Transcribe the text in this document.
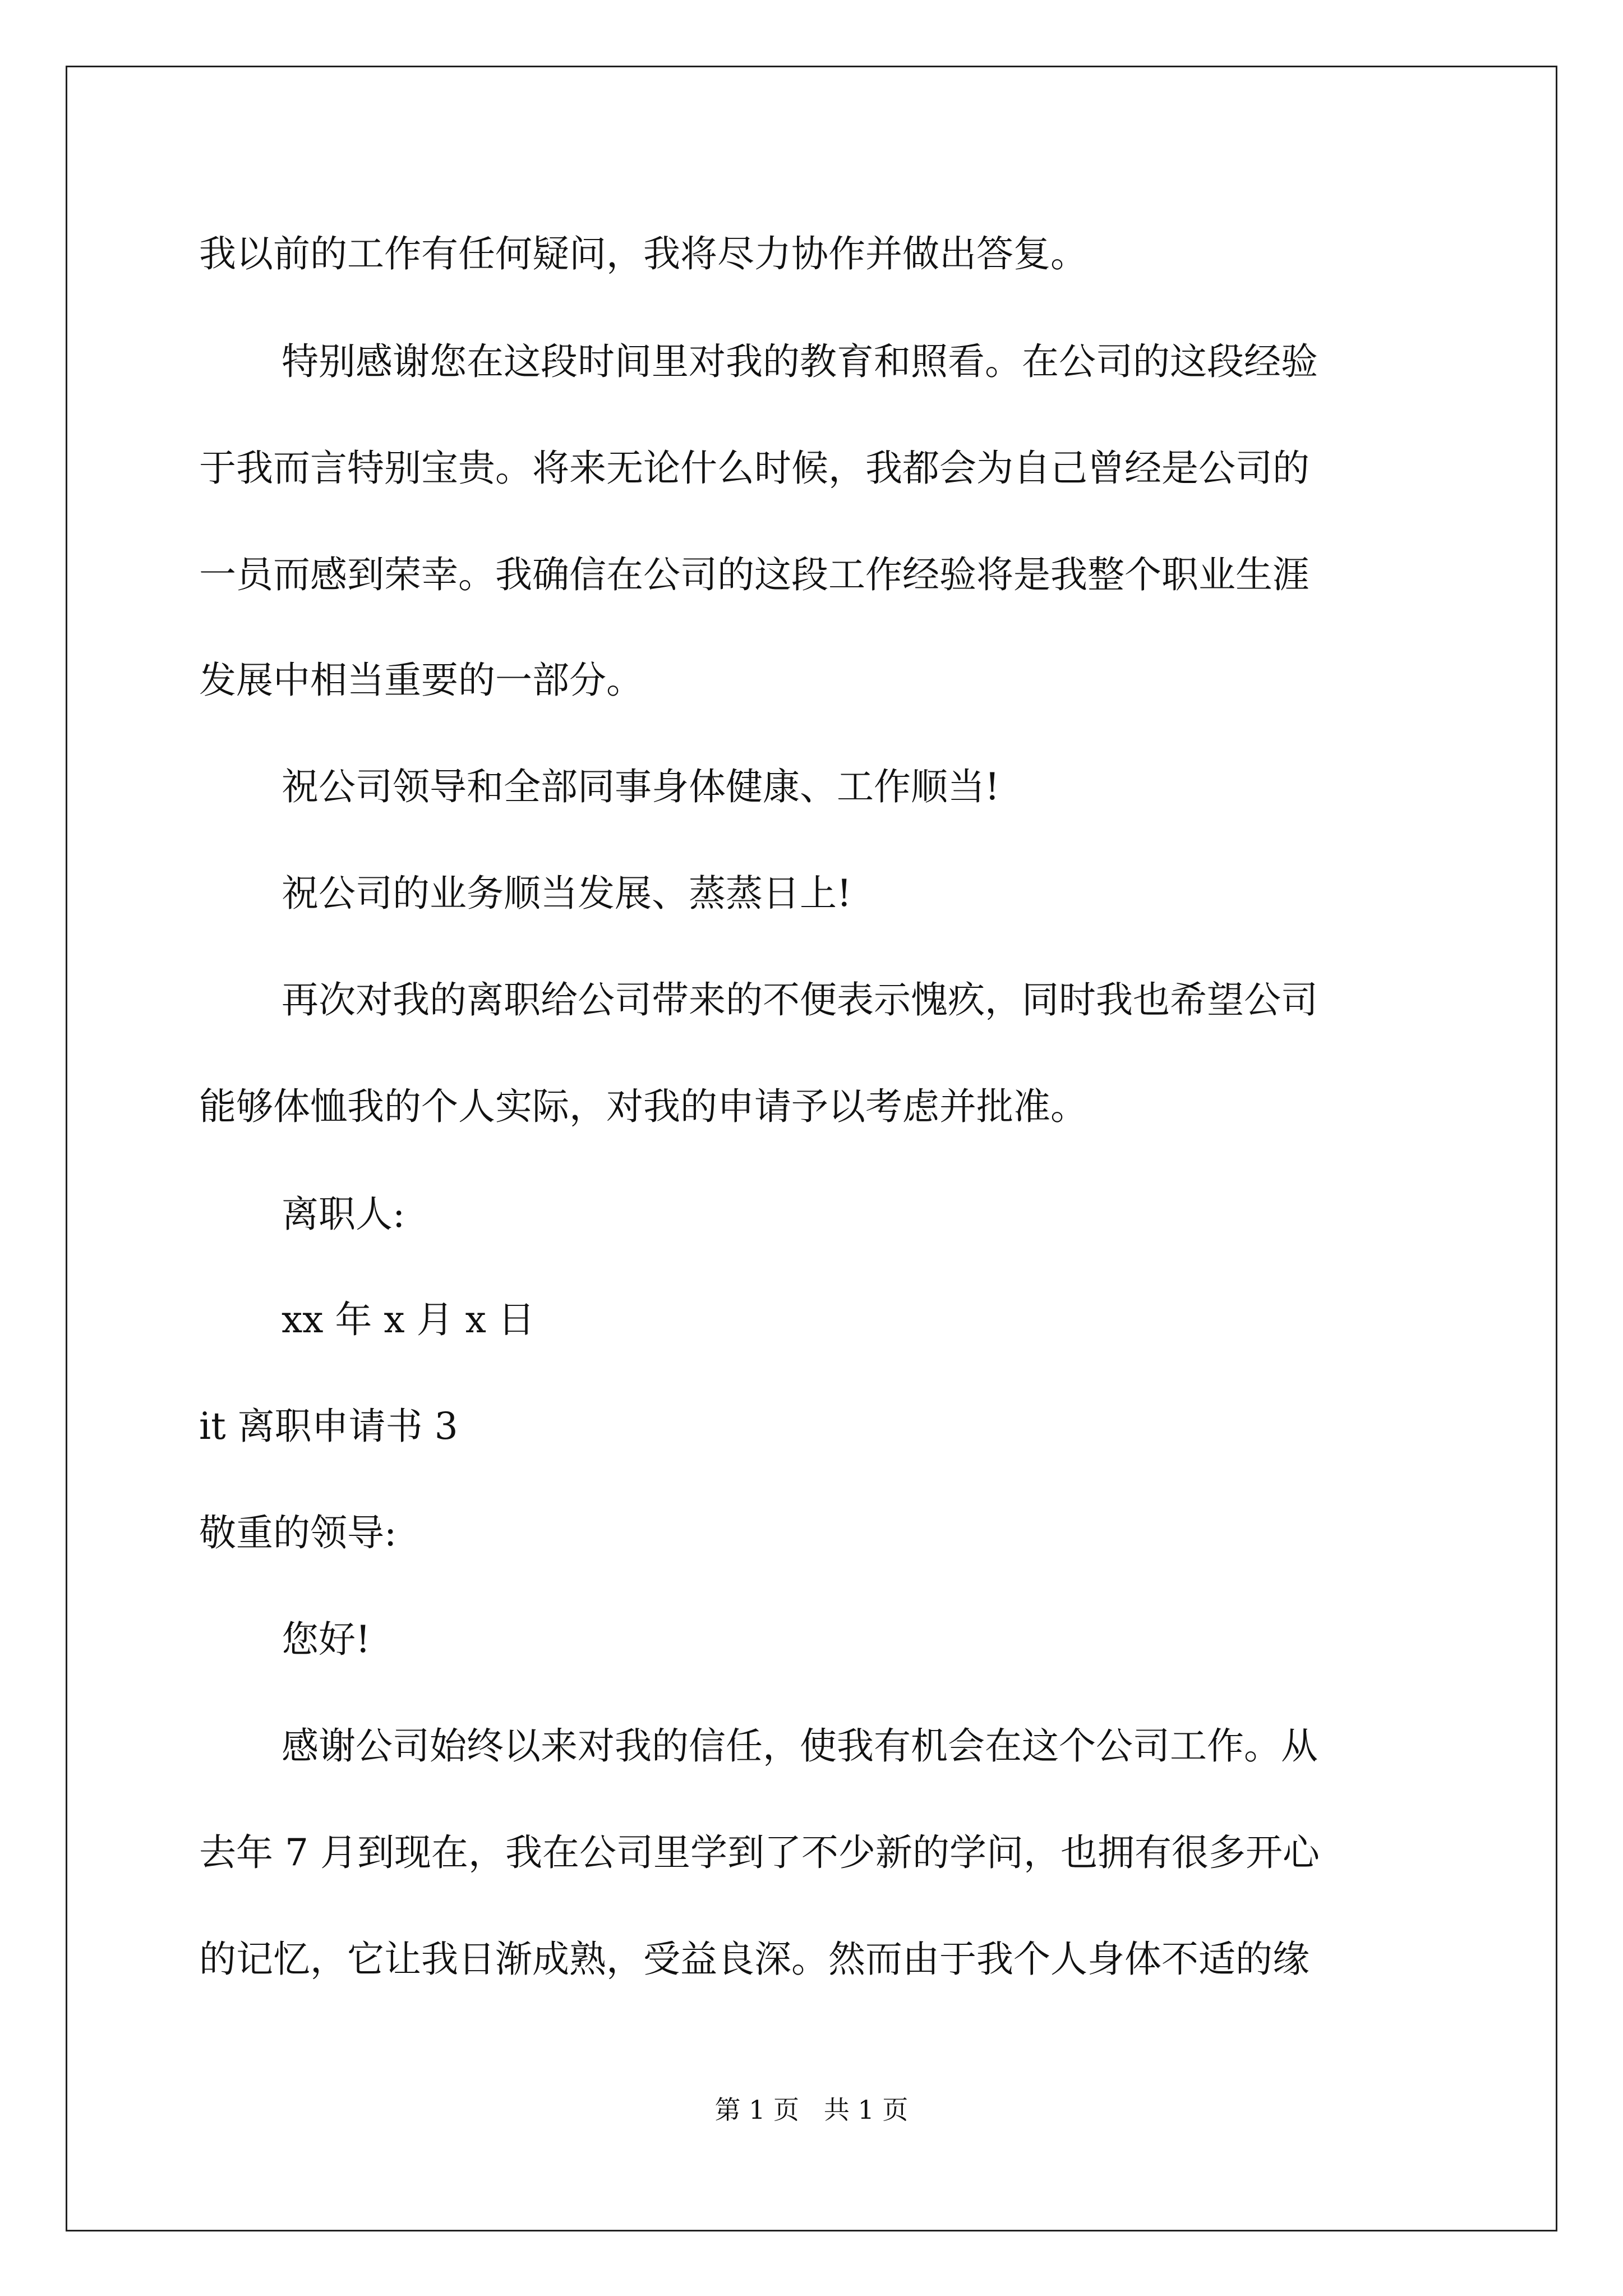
我以前的工作有任何疑问，我将尽力协作并做出答复。
特别感谢您在这段时间里对我的教育和照看。在公司的这段经验
于我而言特别宝贵。将来无论什么时候，我都会为自己曾经是公司的
一员而感到荣幸。我确信在公司的这段工作经验将是我整个职业生涯
发展中相当重要的一部分。
祝公司领导和全部同事身体健康、工作顺当!
祝公司的业务顺当发展、蒸蒸日上!
再次对我的离职给公司带来的不便表示愧疚，同时我也希望公司
能够体恤我的个人实际，对我的申请予以考虑并批准。
离职人:
xx 年 x 月 x 日
it 离职申请书 3
敬重的领导:
您好!
感谢公司始终以来对我的信任，使我有机会在这个公司工作。从
去年 7 月到现在，我在公司里学到了不少新的学问，也拥有很多开心
的记忆，它让我日渐成熟，受益良深。然而由于我个人身体不适的缘
第 1 页   共 1 页
